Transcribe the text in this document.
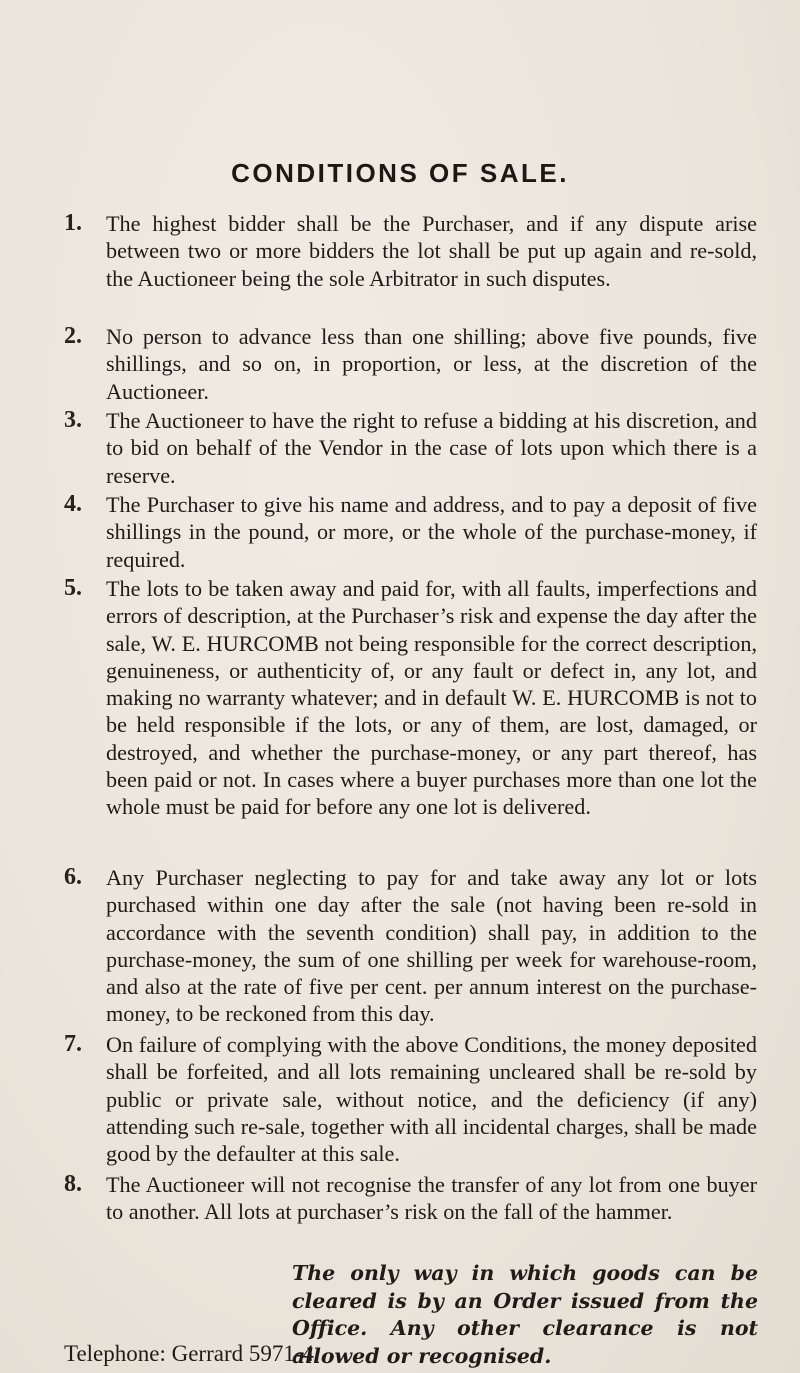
CONDITIONS OF SALE.
1. The highest bidder shall be the Purchaser, and if any dispute arise between two or more bidders the lot shall be put up again and re-sold, the Auctioneer being the sole Arbitrator in such disputes.
2. No person to advance less than one shilling; above five pounds, five shillings, and so on, in proportion, or less, at the discretion of the Auctioneer.
3. The Auctioneer to have the right to refuse a bidding at his discretion, and to bid on behalf of the Vendor in the case of lots upon which there is a reserve.
4. The Purchaser to give his name and address, and to pay a deposit of five shillings in the pound, or more, or the whole of the purchase-money, if required.
5. The lots to be taken away and paid for, with all faults, imperfections and errors of description, at the Purchaser’s risk and expense the day after the sale, W. E. HURCOMB not being responsible for the correct description, genuineness, or authenticity of, or any fault or defect in, any lot, and making no warranty whatever; and in default W. E. HURCOMB is not to be held responsible if the lots, or any of them, are lost, damaged, or destroyed, and whether the purchase-money, or any part thereof, has been paid or not. In cases where a buyer purchases more than one lot the whole must be paid for before any one lot is delivered.
6. Any Purchaser neglecting to pay for and take away any lot or lots purchased within one day after the sale (not having been re-sold in accordance with the seventh condition) shall pay, in addition to the purchase-money, the sum of one shilling per week for warehouse-room, and also at the rate of five per cent. per annum interest on the purchase-money, to be reckoned from this day.
7. On failure of complying with the above Conditions, the money deposited shall be forfeited, and all lots remaining uncleared shall be re-sold by public or private sale, without notice, and the deficiency (if any) attending such re-sale, together with all incidental charges, shall be made good by the defaulter at this sale.
8. The Auctioneer will not recognise the transfer of any lot from one buyer to another. All lots at purchaser’s risk on the fall of the hammer.
The only way in which goods can be cleared is by an Order issued from the Office. Any other clearance is not allowed or recognised.
Telephone: Gerrard 5971-4.
